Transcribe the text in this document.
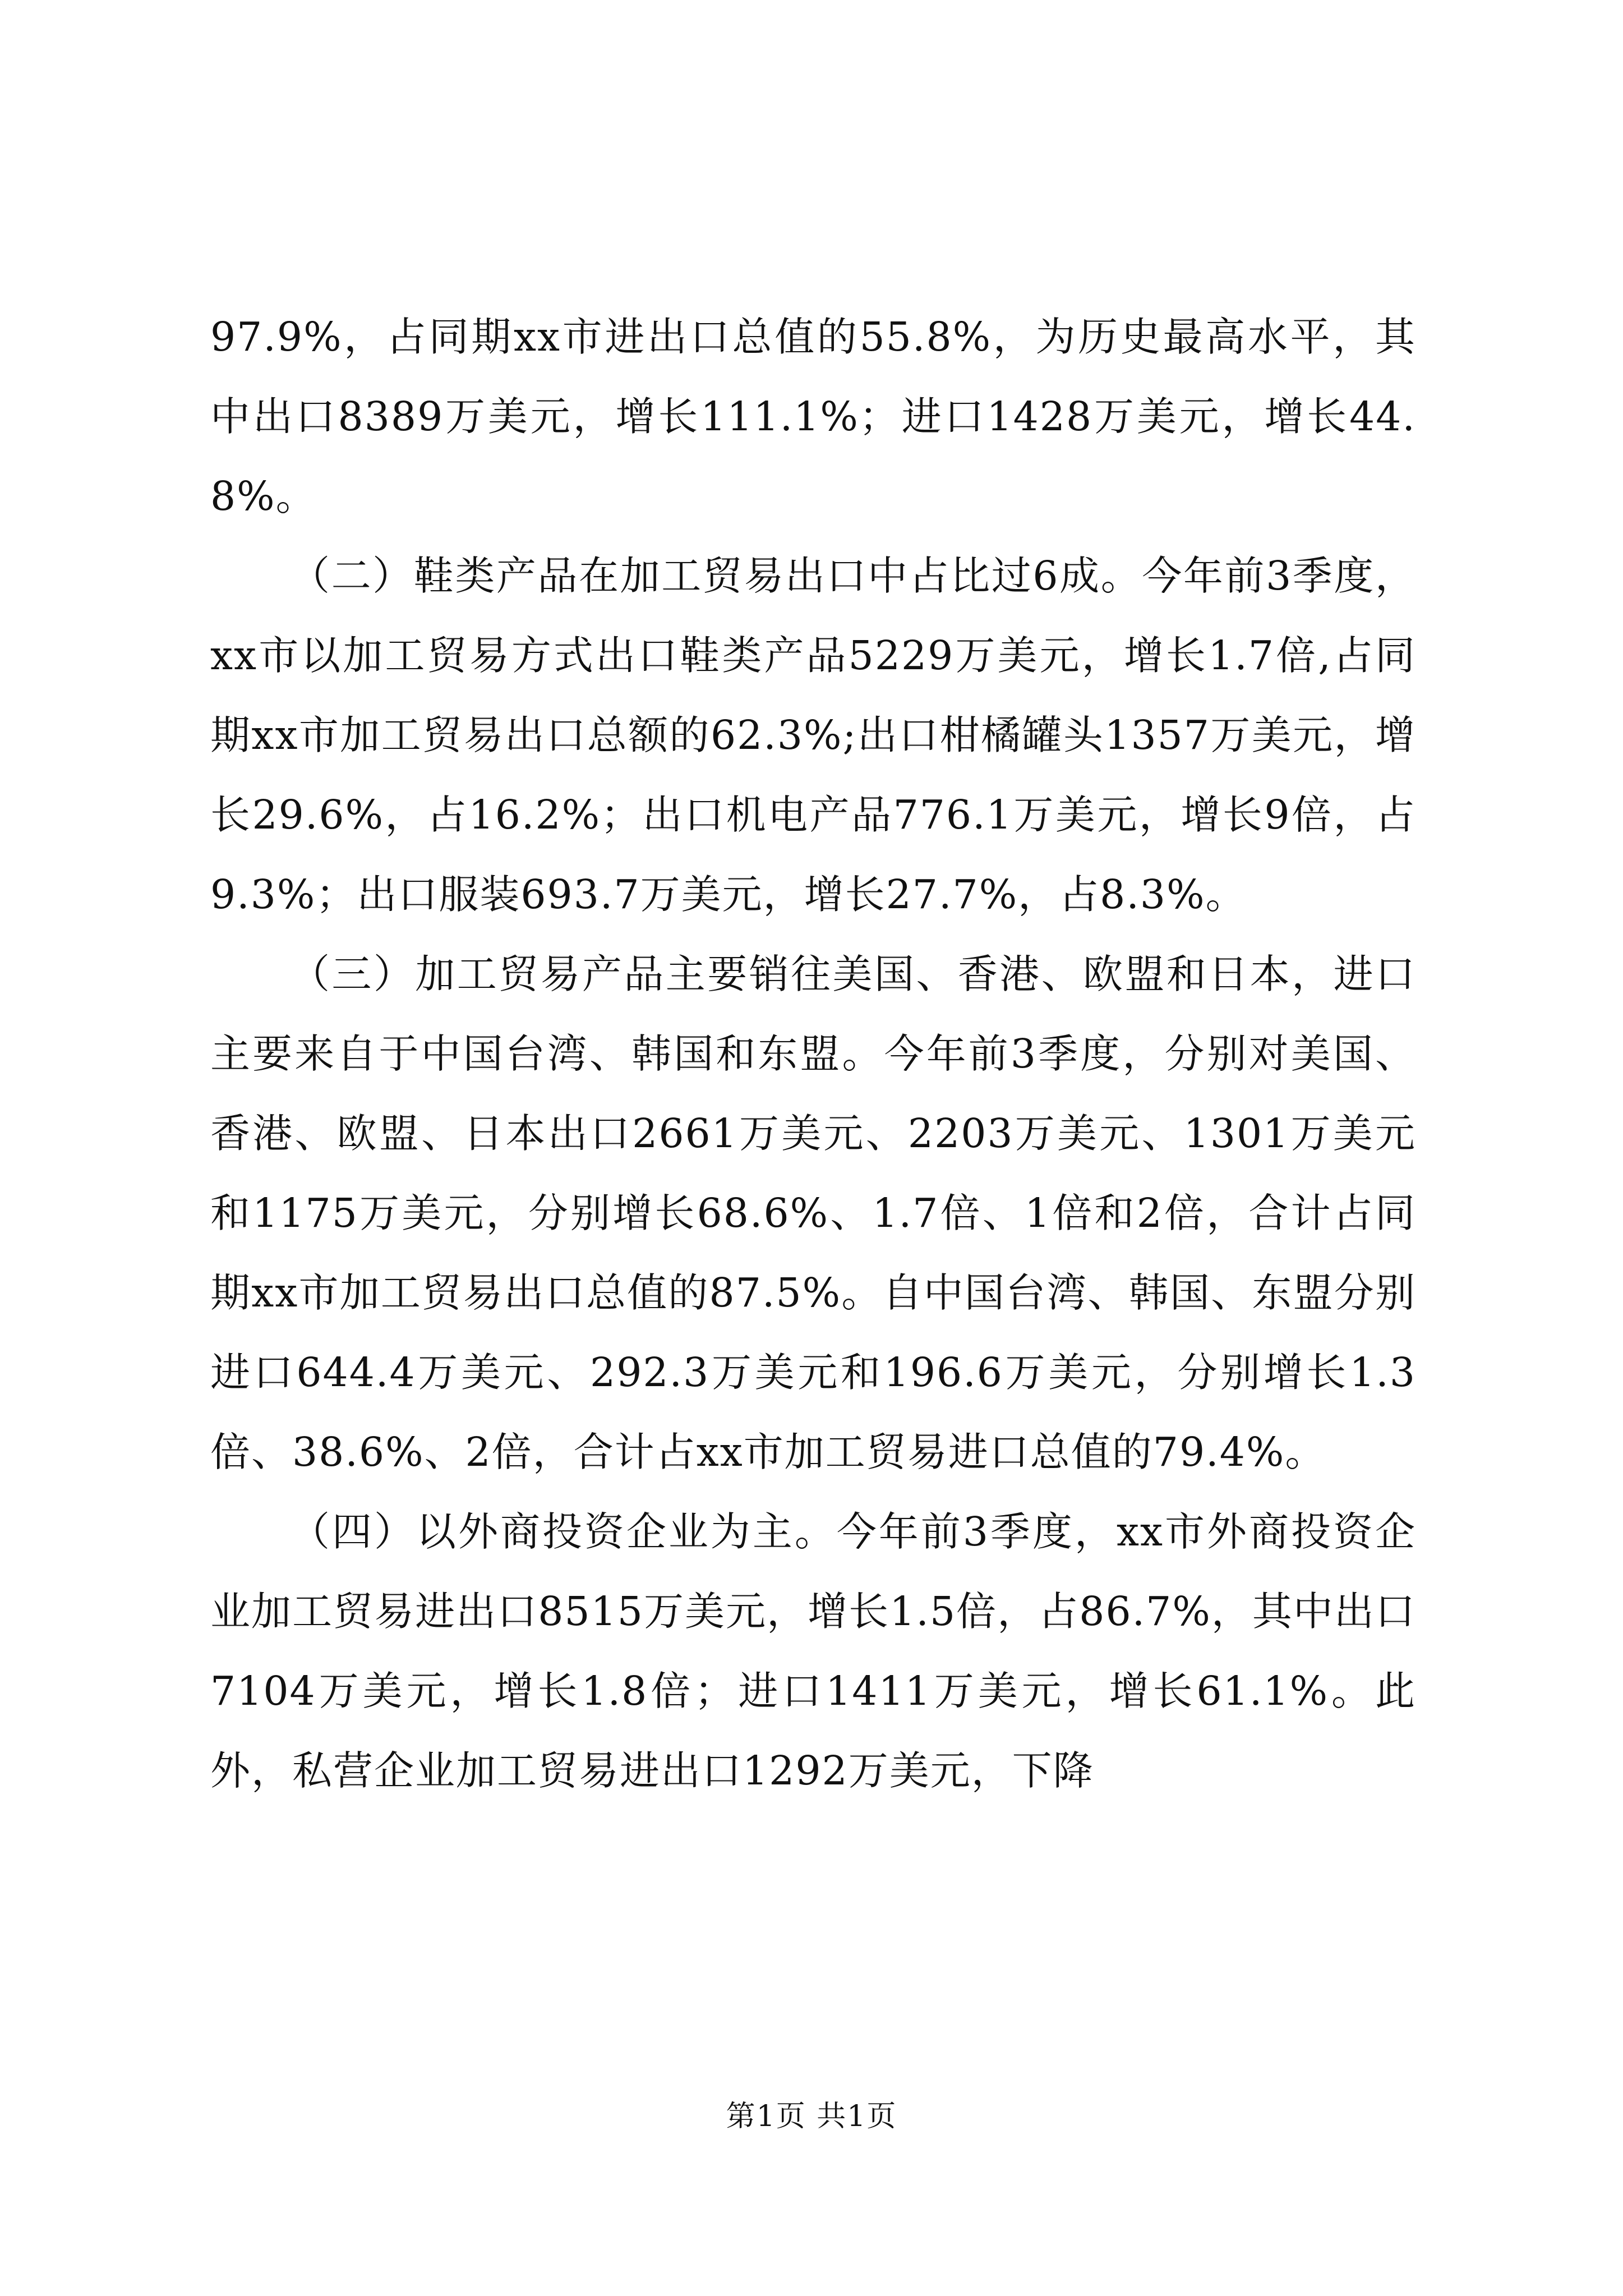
97.9%，占同期xx市进出口总值的55.8%，为历史最高水平，其中出口8389万美元，增长111.1%；进口1428万美元，增长44.8%。

（二）鞋类产品在加工贸易出口中占比过6成。今年前3季度，xx市以加工贸易方式出口鞋类产品5229万美元，增长1.7倍,占同期xx市加工贸易出口总额的62.3%;出口柑橘罐头1357万美元，增长29.6%，占16.2%；出口机电产品776.1万美元，增长9倍，占9.3%；出口服装693.7万美元，增长27.7%，占8.3%。

（三）加工贸易产品主要销往美国、香港、欧盟和日本，进口主要来自于中国台湾、韩国和东盟。今年前3季度，分别对美国、香港、欧盟、日本出口2661万美元、2203万美元、1301万美元和1175万美元，分别增长68.6%、1.7倍、1倍和2倍，合计占同期xx市加工贸易出口总值的87.5%。自中国台湾、韩国、东盟分别进口644.4万美元、292.3万美元和196.6万美元，分别增长1.3倍、38.6%、2倍，合计占xx市加工贸易进口总值的79.4%。

（四）以外商投资企业为主。今年前3季度，xx市外商投资企业加工贸易进出口8515万美元，增长1.5倍，占86.7%，其中出口7104万美元，增长1.8倍；进口1411万美元，增长61.1%。此外，私营企业加工贸易进出口1292万美元，下降

第1页 共1页
